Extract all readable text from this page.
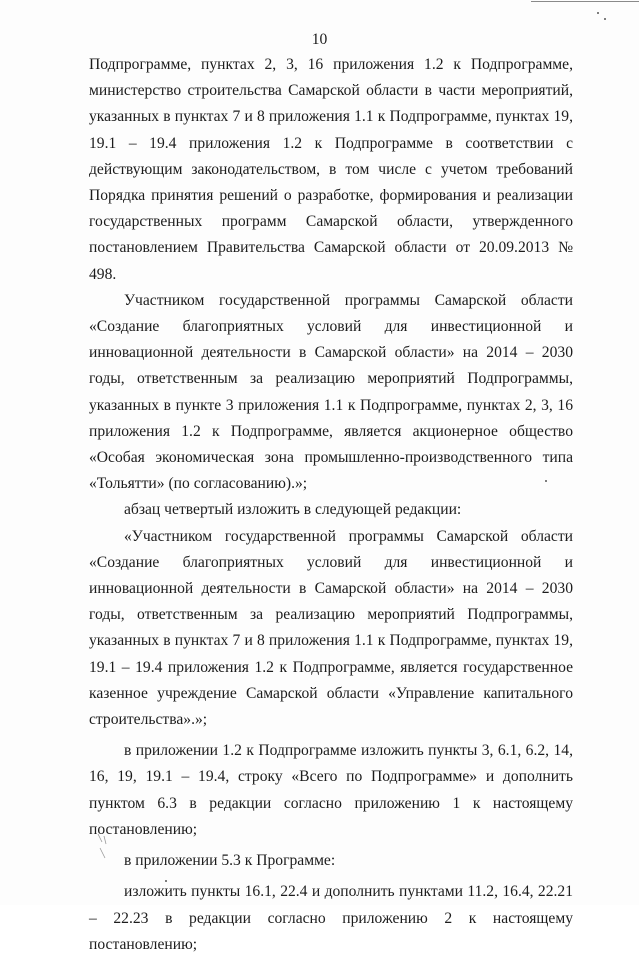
10

Подпрограмме, пунктах 2, 3, 16 приложения 1.2 к Подпрограмме, министерство строительства Самарской области в части мероприятий, указанных в пунктах 7 и 8 приложения 1.1 к Подпрограмме, пунктах 19, 19.1 – 19.4 приложения 1.2 к Подпрограмме в соответствии с действующим законодательством, в том числе с учетом требований Порядка принятия решений о разработке, формирования и реализации государственных программ Самарской области, утвержденного постановлением Правительства Самарской области от 20.09.2013 № 498.

Участником государственной программы Самарской области «Создание благоприятных условий для инвестиционной и инновационной деятельности в Самарской области» на 2014 – 2030 годы, ответственным за реализацию мероприятий Подпрограммы, указанных в пункте 3 приложения 1.1 к Подпрограмме, пунктах 2, 3, 16 приложения 1.2 к Подпрограмме, является акционерное общество «Особая экономическая зона промышленно-производственного типа «Тольятти» (по согласованию).»;

абзац четвертый изложить в следующей редакции:

«Участником государственной программы Самарской области «Создание благоприятных условий для инвестиционной и инновационной деятельности в Самарской области» на 2014 – 2030 годы, ответственным за реализацию мероприятий Подпрограммы, указанных в пунктах 7 и 8 приложения 1.1 к Подпрограмме, пунктах 19, 19.1 – 19.4 приложения 1.2 к Подпрограмме, является государственное казенное учреждение Самарской области «Управление капитального строительства».»;

в приложении 1.2 к Подпрограмме изложить пункты 3, 6.1, 6.2, 14, 16, 19, 19.1 – 19.4, строку «Всего по Подпрограмме» и дополнить пунктом 6.3 в редакции согласно приложению 1 к настоящему постановлению;

в приложении 5.3 к Программе:

изложить пункты 16.1, 22.4 и дополнить пунктами 11.2, 16.4, 22.21 – 22.23 в редакции согласно приложению 2 к настоящему постановлению;
